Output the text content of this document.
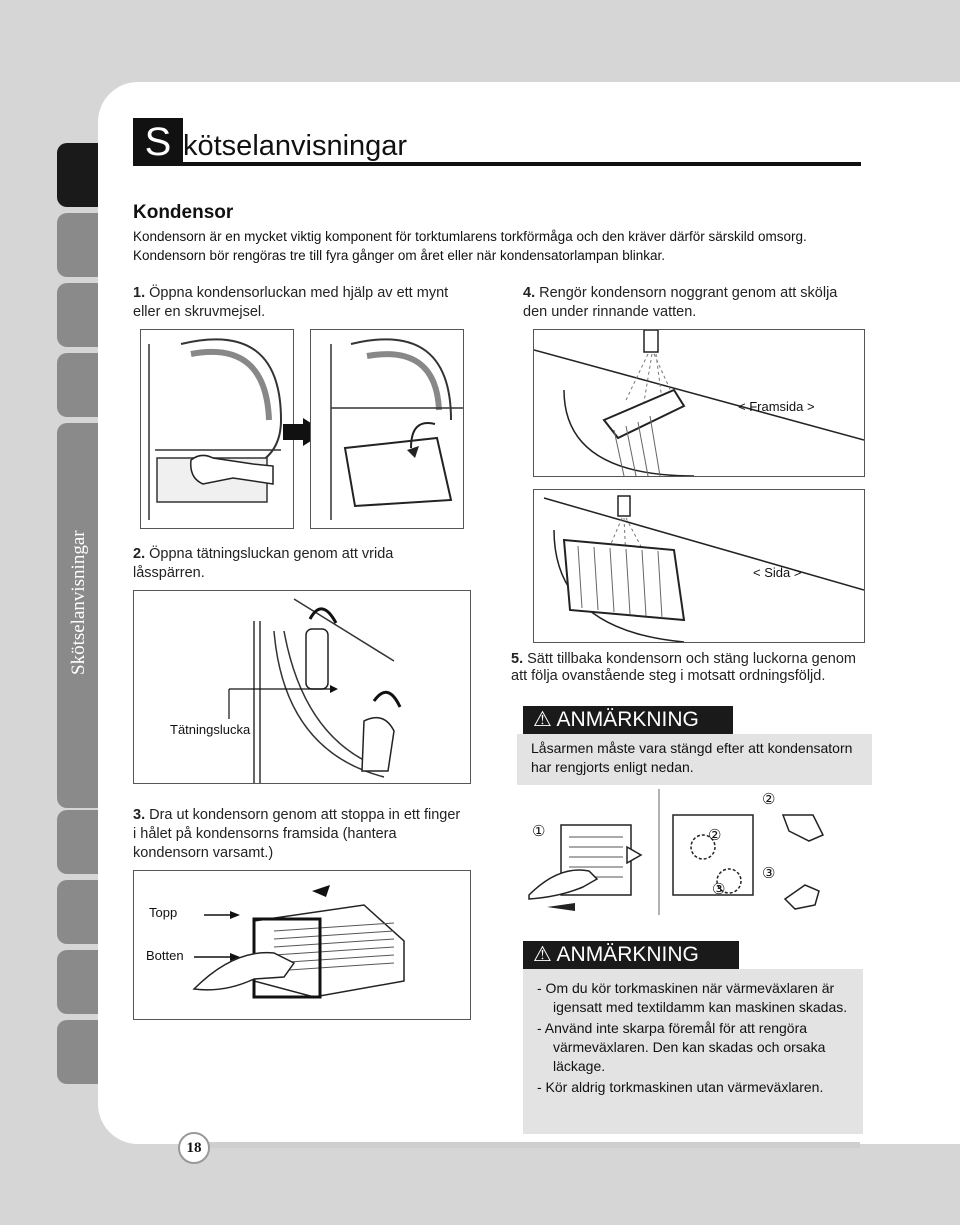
Skötselanvisningar
S kötselanvisningar
Kondensor
Kondensorn är en mycket viktig komponent för torktumlarens torkförmåga och den kräver därför särskild omsorg. Kondensorn bör rengöras tre till fyra gånger om året eller när kondensatorlampan blinkar.
1. Öppna kondensorluckan med hjälp av ett mynt eller en skruvmejsel.
2. Öppna tätningsluckan genom att vrida låsspärren.
Tätningslucka
3. Dra ut kondensorn genom att stoppa in ett finger i hålet på kondensorns framsida (hantera kondensorn varsamt.)
Topp
Botten
4. Rengör kondensorn noggrant genom att skölja den under rinnande vatten.
< Framsida >
< Sida >
5. Sätt tillbaka kondensorn och stäng luckorna genom att följa ovanstående steg i motsatt ordningsföljd.
⚠ ANMÄRKNING
Låsarmen måste vara stängd efter att kondensatorn har rengjorts enligt nedan.
①
②
②
③
③
⚠ ANMÄRKNING
- Om du kör torkmaskinen när värmeväxlaren är igensatt med textildamm kan maskinen skadas.
- Använd inte skarpa föremål för att rengöra värmeväxlaren. Den kan skadas och orsaka läckage.
- Kör aldrig torkmaskinen utan värmeväxlaren.
18
